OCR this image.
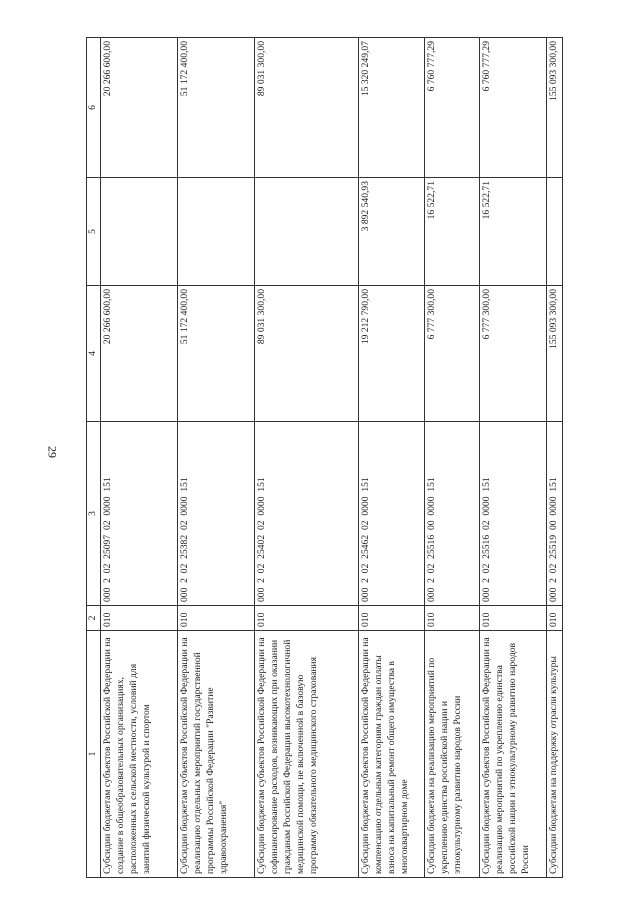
29
1	2	3	4	5	6
Субсидии бюджетам субъектов Российской Федерации на создание в общеобразовательных организациях, расположенных в сельской местности, условий для занятий физической культурой и спортом	010	000  2  02  25097  02  0000  151	20 266 600,00		20 266 600,00
Субсидии бюджетам субъектов Российской Федерации на реализацию отдельных мероприятий государственной программы Российской Федерации "Развитие здравоохранения"	010	000  2  02  25382  02  0000  151	51 172 400,00		51 172 400,00
Субсидии бюджетам субъектов Российской Федерации на софинансирование расходов, возникающих при оказании гражданам Российской Федерации высокотехнологичной медицинской помощи, не включенной в базовую программу обязательного медицинского страхования	010	000  2  02  25402  02  0000  151	89 031 300,00		89 031 300,00
Субсидии бюджетам субъектов Российской Федерации на компенсацию отдельным категориям граждан оплаты взноса на капитальный ремонт общего имущества в многоквартирном доме	010	000  2  02  25462  02  0000  151	19 212 790,00	3 892 540,93	15 320 249,07
Субсидии бюджетам на реализацию мероприятий по укреплению единства российской нации и этнокультурному развитию народов России	010	000  2  02  25516  00  0000  151	6 777 300,00	16 522,71	6 760 777,29
Субсидии бюджетам субъектов Российской Федерации на реализацию мероприятий по укреплению единства российской нации и этнокультурному развитию народов России	010	000  2  02  25516  02  0000  151	6 777 300,00	16 522,71	6 760 777,29
Субсидии бюджетам на поддержку отрасли культуры	010	000  2  02  25519  00  0000  151	155 093 300,00		155 093 300,00
